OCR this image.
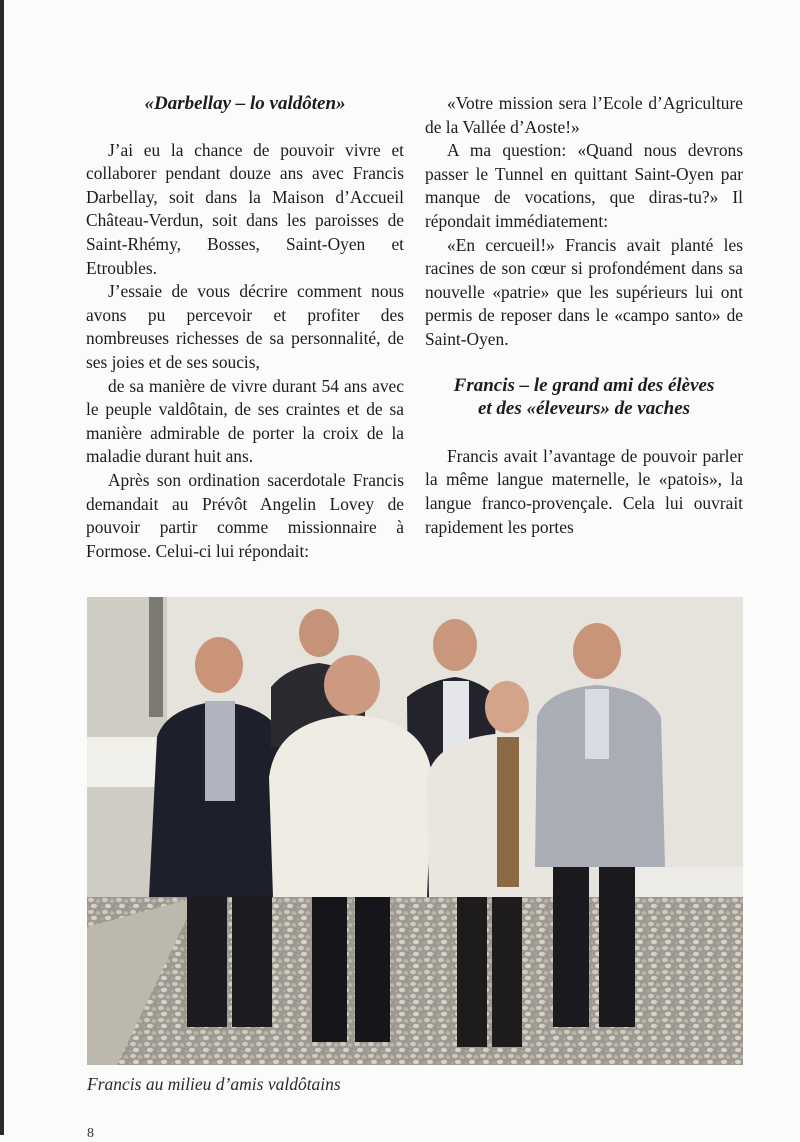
«Darbellay – lo valdôten»

J’ai eu la chance de pouvoir vivre et collaborer pendant douze ans avec Francis Darbellay, soit dans la Maison d’Accueil Château-Verdun, soit dans les paroisses de Saint-Rhémy, Bosses, Saint-Oyen et Etroubles.

J’essaie de vous décrire comment nous avons pu percevoir et profiter des nombreuses richesses de sa personnalité, de ses joies et de ses soucis,

de sa manière de vivre durant 54 ans avec le peuple valdôtain, de ses craintes et de sa manière admirable de porter la croix de la maladie durant huit ans.

Après son ordination sacerdotale Francis demandait au Prévôt Angelin Lovey de pouvoir partir comme missionnaire à Formose. Celui-ci lui répondait:

«Votre mission sera l’Ecole d’Agriculture de la Vallée d’Aoste!»

A ma question: «Quand nous devrons passer le Tunnel en quittant Saint-Oyen par manque de vocations, que diras-tu?» Il répondait immédiatement:

«En cercueil!» Francis avait planté les racines de son cœur si profondément dans sa nouvelle «patrie» que les supérieurs lui ont permis de reposer dans le «campo santo» de Saint-Oyen.

Francis – le grand ami des élèves
et des «éleveurs» de vaches

Francis avait l’avantage de pouvoir parler la même langue maternelle, le «patois», la langue franco-provençale. Cela lui ouvrait rapidement les portes

Francis au milieu d’amis valdôtains
8
